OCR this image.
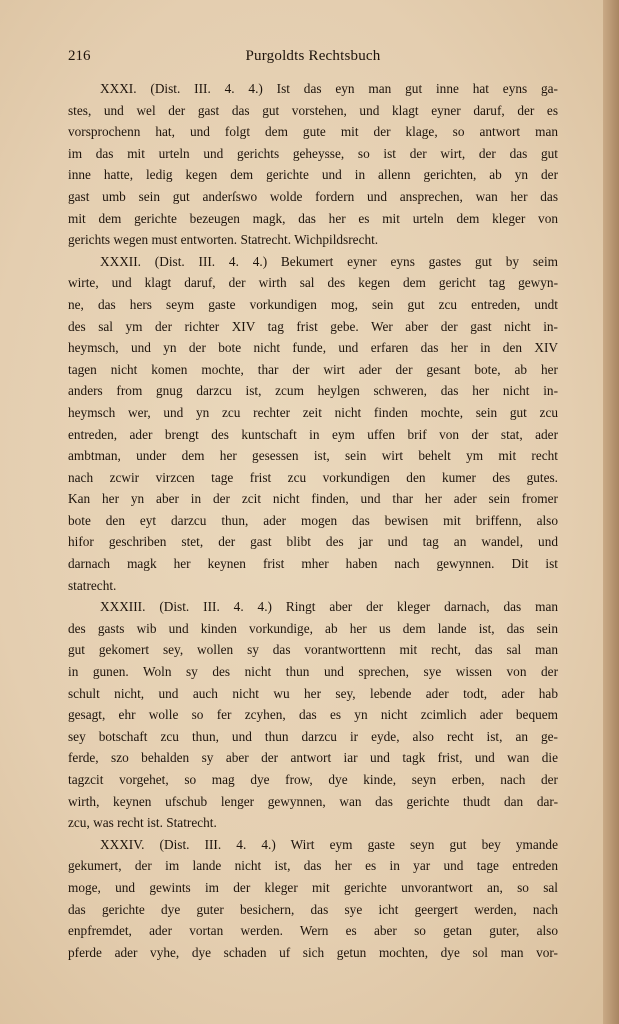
216	Purgoldts Rechtsbuch
XXXI. (Dist. III. 4. 4.) Ist das eyn man gut inne hat eyns ga-
stes, und wel der gast das gut vorstehen, und klagt eyner daruf, der es
vorsprochenn hat, und folgt dem gute mit der klage, so antwort man
im das mit urteln und gerichts geheysse, so ist der wirt, der das gut
inne hatte, ledig kegen dem gerichte und in allenn gerichten, ab yn der
gast umb sein gut anderſswo wolde fordern und ansprechen, wan her das
mit dem gerichte bezeugen magk, das her es mit urteln dem kleger von
gerichts wegen must entworten. Statrecht. Wichpildsrecht.
XXXII. (Dist. III. 4. 4.) Bekumert eyner eyns gastes gut by seim
wirte, und klagt daruf, der wirth sal des kegen dem gericht tag gewyn-
ne, das hers seym gaste vorkundigen mog, sein gut zcu entreden, undt
des sal ym der richter XIV tag frist gebe. Wer aber der gast nicht in-
heymsch, und yn der bote nicht funde, und erfaren das her in den XIV
tagen nicht komen mochte, thar der wirt ader der gesant bote, ab her
anders from gnug darzcu ist, zcum heylgen schweren, das her nicht in-
heymsch wer, und yn zcu rechter zeit nicht finden mochte, sein gut zcu
entreden, ader brengt des kuntschaft in eym uffen brif von der stat, ader
ambtman, under dem her gesessen ist, sein wirt behelt ym mit recht
nach zcwir virzcen tage frist zcu vorkundigen den kumer des gutes.
Kan her yn aber in der zcit nicht finden, und thar her ader sein fromer
bote den eyt darzcu thun, ader mogen das bewisen mit briffenn, also
hifor geschriben stet, der gast blibt des jar und tag an wandel, und
darnach magk her keynen frist mher haben nach gewynnen. Dit ist
statrecht.
XXXIII. (Dist. III. 4. 4.) Ringt aber der kleger darnach, das man
des gasts wib und kinden vorkundige, ab her us dem lande ist, das sein
gut gekomert sey, wollen sy das vorantworttenn mit recht, das sal man
in gunen. Woln sy des nicht thun und sprechen, sye wissen von der
schult nicht, und auch nicht wu her sey, lebende ader todt, ader hab
gesagt, ehr wolle so fer zcyhen, das es yn nicht zcimlich ader bequem
sey botschaft zcu thun, und thun darzcu ir eyde, also recht ist, an ge-
ferde, szo behalden sy aber der antwort iar und tagk frist, und wan die
tagzcit vorgehet, so mag dye frow, dye kinde, seyn erben, nach der
wirth, keynen ufschub lenger gewynnen, wan das gerichte thudt dan dar-
zcu, was recht ist. Statrecht.
XXXIV. (Dist. III. 4. 4.) Wirt eym gaste seyn gut bey ymande
gekumert, der im lande nicht ist, das her es in yar und tage entreden
moge, und gewints im der kleger mit gerichte unvorantwort an, so sal
das gerichte dye guter besichern, das sye icht geergert werden, nach
enpfremdet, ader vortan werden. Wern es aber so getan guter, also
pferde ader vyhe, dye schaden uf sich getun mochten, dye sol man vor-
